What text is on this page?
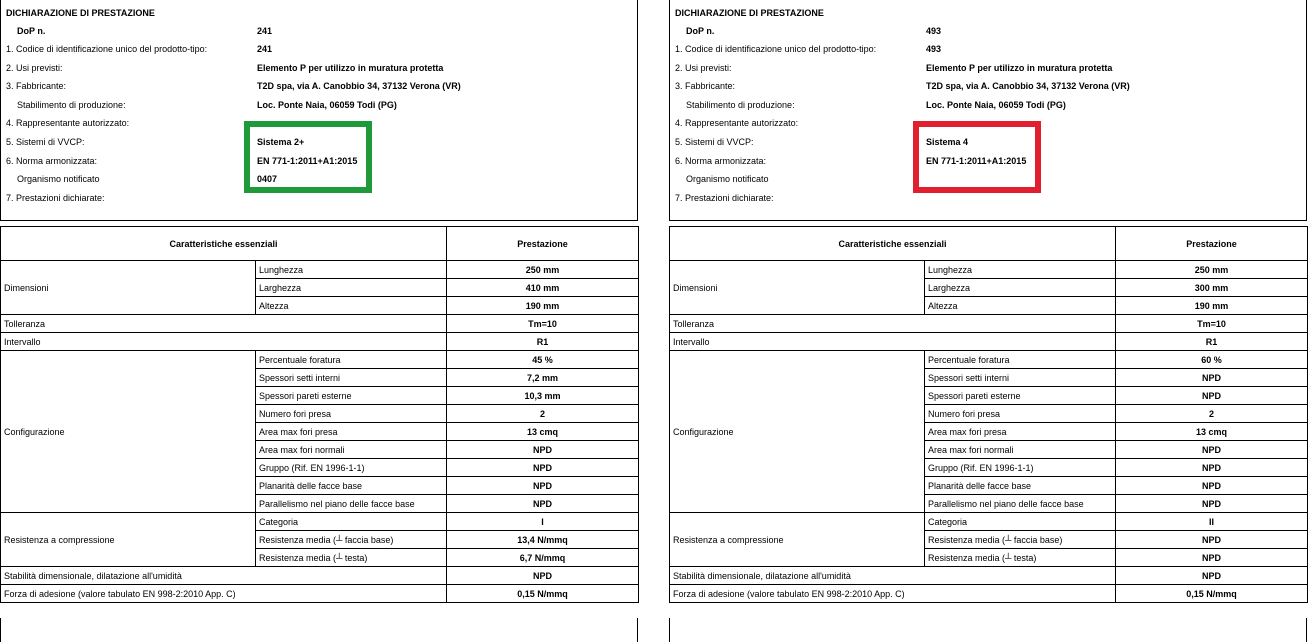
DICHIARAZIONE DI PRESTAZIONE
DoP n.	241
1. Codice di identificazione unico del prodotto-tipo:	241
2. Usi previsti:	Elemento P per utilizzo in muratura protetta
3. Fabbricante:	T2D spa, via A. Canobbio 34, 37132 Verona (VR)
Stabilimento di produzione:	Loc. Ponte Naia, 06059 Todi (PG)
4. Rappresentante autorizzato:
5. Sistemi di VVCP:	Sistema 2+
6. Norma armonizzata:	EN 771-1:2011+A1:2015
Organismo notificato	0407
7. Prestazioni dichiarate:
Caratteristiche essenziali		Prestazione
Dimensioni	Lunghezza	250 mm
	Larghezza	410 mm
	Altezza	190 mm
Tolleranza		Tm=10
Intervallo		R1
Configurazione	Percentuale foratura	45 %
	Spessori setti interni	7,2 mm
	Spessori pareti esterne	10,3 mm
	Numero fori presa	2
	Area max fori presa	13 cmq
	Area max fori normali	NPD
	Gruppo (Rif. EN 1996-1-1)	NPD
	Planarità delle facce base	NPD
	Parallelismo nel piano delle facce base	NPD
Resistenza a compressione	Categoria	I
	Resistenza media (┴ faccia base)	13,4 N/mmq
	Resistenza media (┴ testa)	6,7 N/mmq
Stabilità dimensionale, dilatazione all'umidità		NPD
Forza di adesione (valore tabulato EN 998-2:2010 App. C)		0,15 N/mmq
DICHIARAZIONE DI PRESTAZIONE
DoP n.	493
1. Codice di identificazione unico del prodotto-tipo:	493
2. Usi previsti:	Elemento P per utilizzo in muratura protetta
3. Fabbricante:	T2D spa, via A. Canobbio 34, 37132 Verona (VR)
Stabilimento di produzione:	Loc. Ponte Naia, 06059 Todi (PG)
4. Rappresentante autorizzato:
5. Sistemi di VVCP:	Sistema 4
6. Norma armonizzata:	EN 771-1:2011+A1:2015
Organismo notificato
7. Prestazioni dichiarate:
Caratteristiche essenziali		Prestazione
Dimensioni	Lunghezza	250 mm
	Larghezza	300 mm
	Altezza	190 mm
Tolleranza		Tm=10
Intervallo		R1
Configurazione	Percentuale foratura	60 %
	Spessori setti interni	NPD
	Spessori pareti esterne	NPD
	Numero fori presa	2
	Area max fori presa	13 cmq
	Area max fori normali	NPD
	Gruppo (Rif. EN 1996-1-1)	NPD
	Planarità delle facce base	NPD
	Parallelismo nel piano delle facce base	NPD
Resistenza a compressione	Categoria	II
	Resistenza media (┴ faccia base)	NPD
	Resistenza media (┴ testa)	NPD
Stabilità dimensionale, dilatazione all'umidità		NPD
Forza di adesione (valore tabulato EN 998-2:2010 App. C)		0,15 N/mmq
